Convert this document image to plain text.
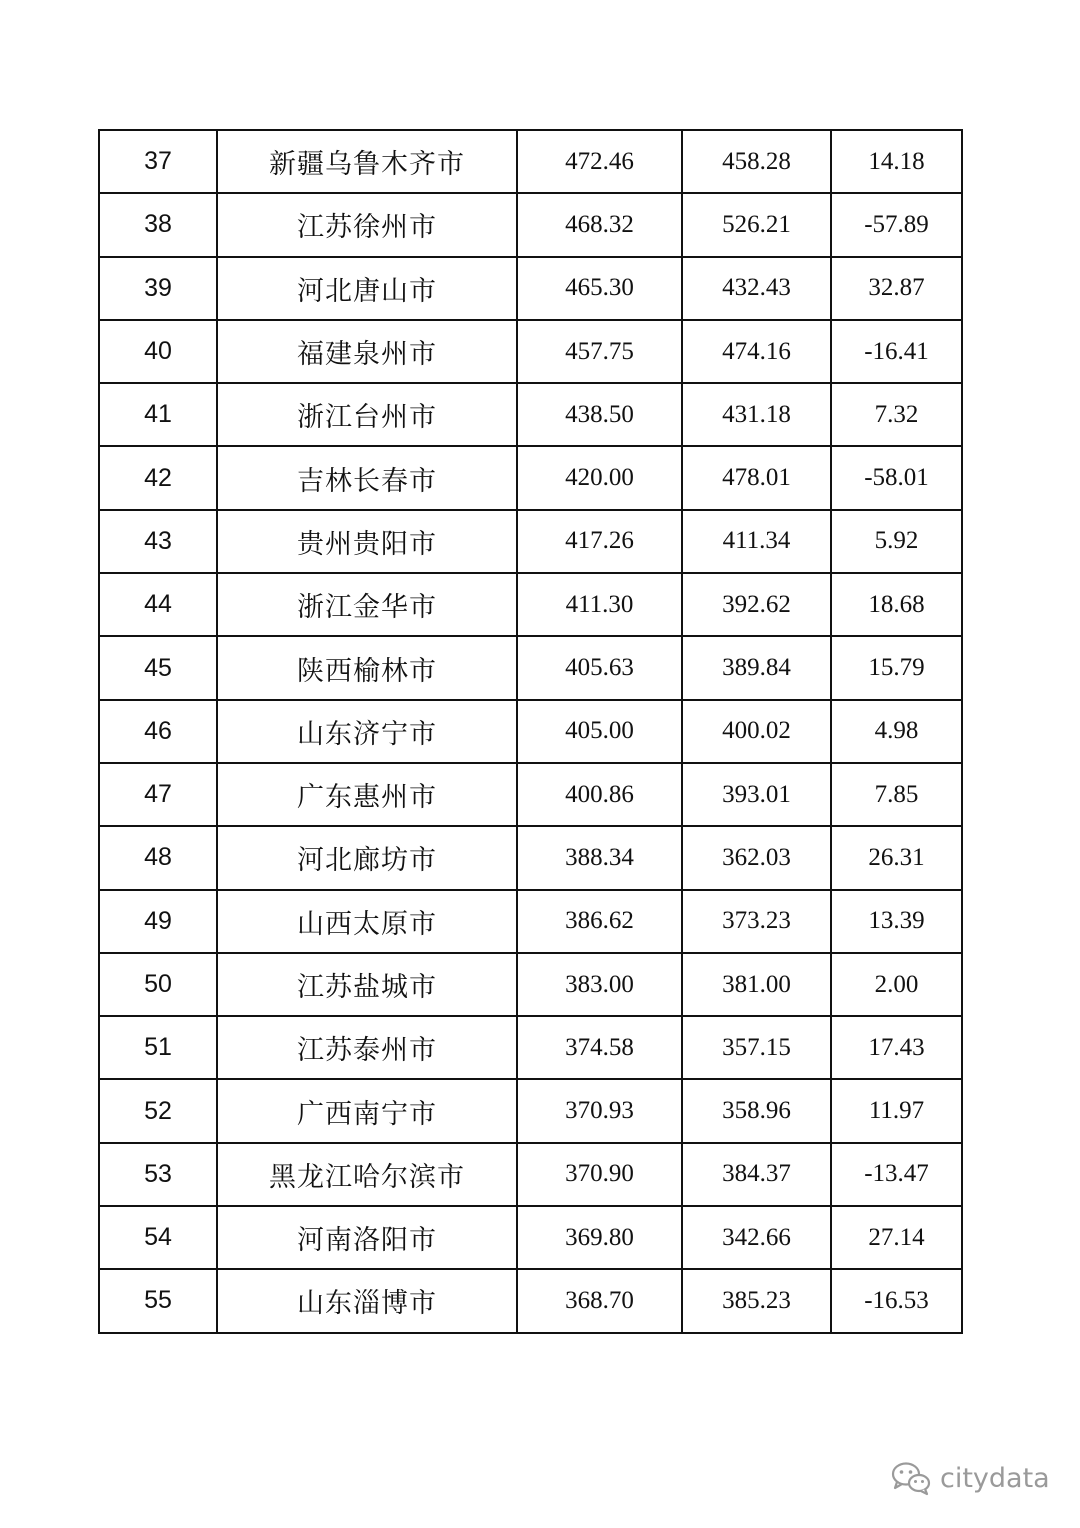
37	新疆乌鲁木齐市	472.46	458.28	14.18
38	江苏徐州市	468.32	526.21	-57.89
39	河北唐山市	465.30	432.43	32.87
40	福建泉州市	457.75	474.16	-16.41
41	浙江台州市	438.50	431.18	7.32
42	吉林长春市	420.00	478.01	-58.01
43	贵州贵阳市	417.26	411.34	5.92
44	浙江金华市	411.30	392.62	18.68
45	陕西榆林市	405.63	389.84	15.79
46	山东济宁市	405.00	400.02	4.98
47	广东惠州市	400.86	393.01	7.85
48	河北廊坊市	388.34	362.03	26.31
49	山西太原市	386.62	373.23	13.39
50	江苏盐城市	383.00	381.00	2.00
51	江苏泰州市	374.58	357.15	17.43
52	广西南宁市	370.93	358.96	11.97
53	黑龙江哈尔滨市	370.90	384.37	-13.47
54	河南洛阳市	369.80	342.66	27.14
55	山东淄博市	368.70	385.23	-16.53
citydata
